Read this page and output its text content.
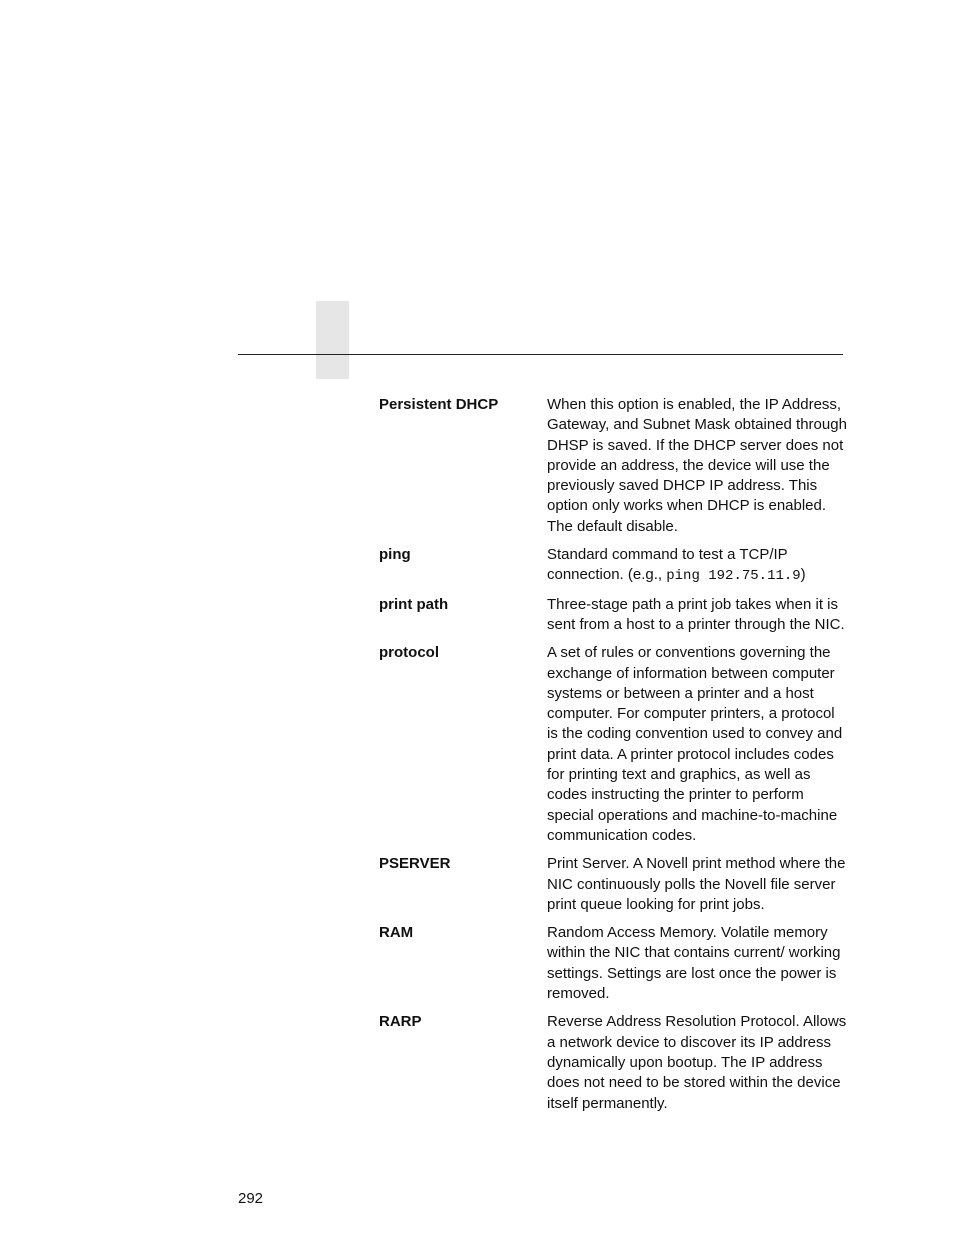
Persistent DHCP	When this option is enabled, the IP Address, Gateway, and Subnet Mask obtained through DHSP is saved. If the DHCP server does not provide an address, the device will use the previously saved DHCP IP address. This option only works when DHCP is enabled. The default disable.
ping	Standard command to test a TCP/IP connection. (e.g., ping 192.75.11.9)
print path	Three-stage path a print job takes when it is sent from a host to a printer through the NIC.
protocol	A set of rules or conventions governing the exchange of information between computer systems or between a printer and a host computer. For computer printers, a protocol is the coding convention used to convey and print data. A printer protocol includes codes for printing text and graphics, as well as codes instructing the printer to perform special operations and machine-to-machine communication codes.
PSERVER	Print Server. A Novell print method where the NIC continuously polls the Novell file server print queue looking for print jobs.
RAM	Random Access Memory. Volatile memory within the NIC that contains current/ working settings. Settings are lost once the power is removed.
RARP	Reverse Address Resolution Protocol. Allows a network device to discover its IP address dynamically upon bootup. The IP address does not need to be stored within the device itself permanently.
292
